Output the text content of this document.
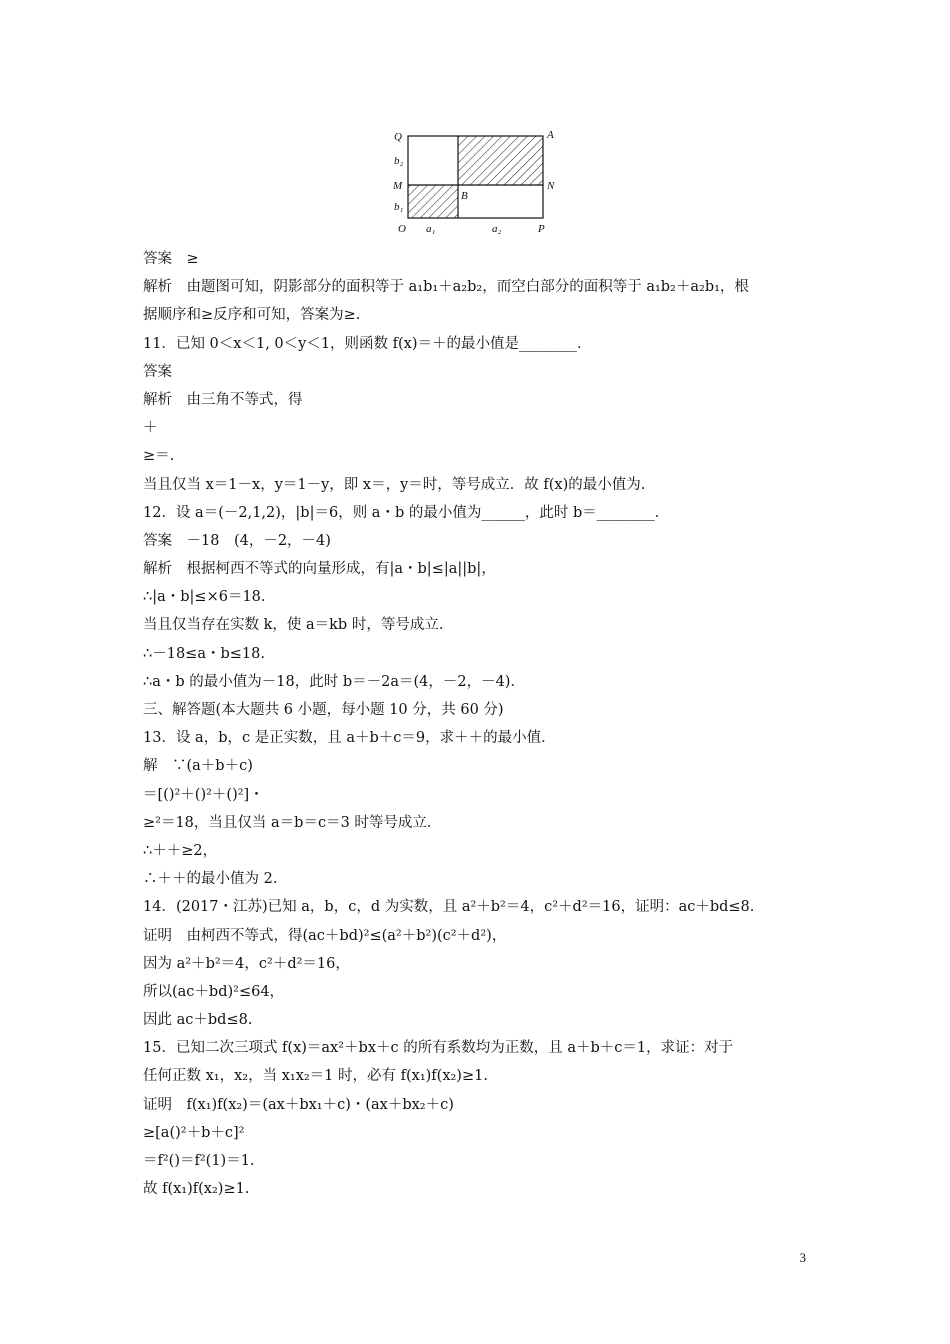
Q	A
b₂
M	N
B
b₁
O a₁	a₂	P
答案　≥
解析　由题图可知，阴影部分的面积等于 a₁b₁＋a₂b₂，而空白部分的面积等于 a₁b₂＋a₂b₁，根
据顺序和≥反序和可知，答案为≥.
11．已知 0＜x＜1, 0＜y＜1，则函数 f(x)＝＋的最小值是________．
答案
解析　由三角不等式，得
＋
≥＝.
当且仅当 x＝1－x，y＝1－y，即 x＝，y＝时，等号成立．故 f(x)的最小值为.
12．设 a＝(－2,1,2)，|b|＝6，则 a・b 的最小值为______，此时 b＝________．
答案　－18　(4，－2，－4)
解析　根据柯西不等式的向量形成，有|a・b|≤|a||b|，
∴|a・b|≤×6＝18.
当且仅当存在实数 k，使 a＝kb 时，等号成立．
∴－18≤a・b≤18.
∴a・b 的最小值为－18，此时 b＝－2a＝(4，－2，－4)．
三、解答题(本大题共 6 小题，每小题 10 分，共 60 分)
13．设 a，b，c 是正实数，且 a＋b＋c＝9，求＋＋的最小值．
解　∵(a＋b＋c)
＝[()²＋()²＋()²]・
≥²＝18，当且仅当 a＝b＝c＝3 时等号成立．
∴＋＋≥2，
∴＋＋的最小值为 2.
14．(2017・江苏)已知 a，b，c，d 为实数，且 a²＋b²＝4，c²＋d²＝16，证明：ac＋bd≤8.
证明　由柯西不等式，得(ac＋bd)²≤(a²＋b²)(c²＋d²)，
因为 a²＋b²＝4，c²＋d²＝16，
所以(ac＋bd)²≤64，
因此 ac＋bd≤8.
15．已知二次三项式 f(x)＝ax²＋bx＋c 的所有系数均为正数，且 a＋b＋c＝1，求证：对于
任何正数 x₁，x₂，当 x₁x₂＝1 时，必有 f(x₁)f(x₂)≥1.
证明　f(x₁)f(x₂)＝(ax＋bx₁＋c)・(ax＋bx₂＋c)
≥[a()²＋b＋c]²
＝f²()＝f²(1)＝1.
故 f(x₁)f(x₂)≥1.
3
